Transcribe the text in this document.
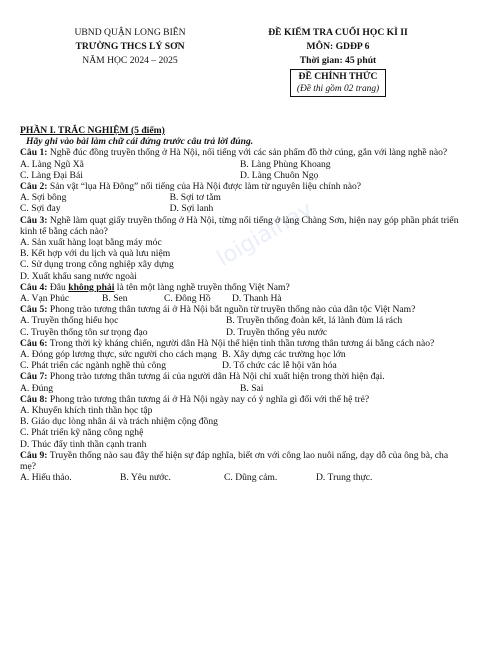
UBND QUẬN LONG BIÊN
TRƯỜNG THCS LÝ SƠN
NĂM HỌC 2024 – 2025
ĐỀ KIỂM TRA CUỐI HỌC KÌ II
MÔN: GDĐP 6
Thời gian: 45 phút
ĐỀ CHÍNH THỨC
(Đề thi gồm 02 trang)
loigiaihay
PHẦN I. TRẮC NGHIỆM (5 điểm)
Hãy ghi vào bài làm chữ cái đứng trước câu trả lời đúng.
Câu 1: Nghề đúc đồng truyền thống ở Hà Nội, nổi tiếng với các sản phẩm đồ thờ cúng, gắn với làng nghề nào?
A. Làng Ngũ Xã	B. Làng Phùng Khoang
C. Làng Đại Bái	D. Làng Chuôn Ngọ
Câu 2: Sản vật “lụa Hà Đông” nổi tiếng của Hà Nội được làm từ nguyên liệu chính nào?
A. Sợi bông	B. Sợi tơ tằm
C. Sợi đay	D. Sợi lanh
Câu 3: Nghề làm quạt giấy truyền thống ở Hà Nội, từng nổi tiếng ở làng Chàng Sơn, hiện nay góp phần phát triển kinh tế bằng cách nào?
A. Sản xuất hàng loạt bằng máy móc
B. Kết hợp với du lịch và quà lưu niệm
C. Sử dụng trong công nghiệp xây dựng
D. Xuất khẩu sang nước ngoài
Câu 4: Đâu không phải là tên một làng nghề truyền thống Việt Nam?
A. Vạn Phúc	B. Sen	C. Đông Hồ	D. Thanh Hà
Câu 5: Phong trào tương thân tương ái ở Hà Nội bắt nguồn từ truyền thống nào của dân tộc Việt Nam?
A. Truyền thống hiếu học	B. Truyền thống đoàn kết, lá lành đùm lá rách
C. Truyền thống tôn sư trọng đạo	D. Truyền thống yêu nước
Câu 6: Trong thời kỳ kháng chiến, người dân Hà Nội thể hiện tinh thần tương thân tương ái bằng cách nào?
A. Đóng góp lương thực, sức người cho cách mạng B. Xây dựng các trường học lớn
C. Phát triển các ngành nghề thủ công	D. Tổ chức các lễ hội văn hóa
Câu 7: Phong trào tương thân tương ái của người dân Hà Nội chỉ xuất hiện trong thời hiện đại.
A. Đúng	B. Sai
Câu 8: Phong trào tương thân tương ái ở Hà Nội ngày nay có ý nghĩa gì đối với thế hệ trẻ?
A. Khuyến khích tinh thần học tập
B. Giáo dục lòng nhân ái và trách nhiệm cộng đồng
C. Phát triển kỹ năng công nghệ
D. Thúc đẩy tinh thần cạnh tranh
Câu 9: Truyền thống nào sau đây thể hiện sự đáp nghĩa, biết ơn với công lao nuôi nấng, dạy dỗ của ông bà, cha mẹ?
A. Hiếu thảo.	B. Yêu nước.	C. Dũng cảm.	D. Trung thực.
